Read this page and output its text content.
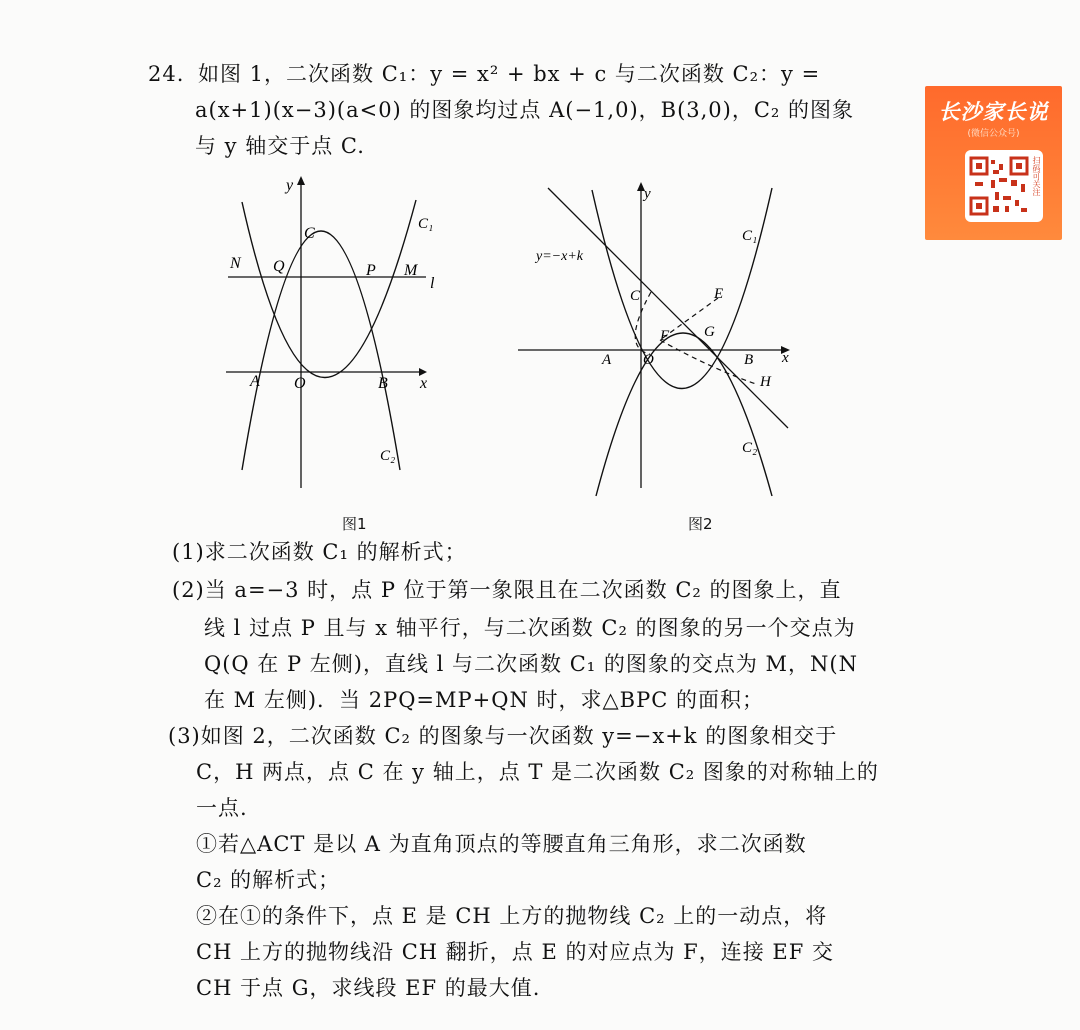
24. 如图 1，二次函数 C₁：y = x² + bx + c 与二次函数 C₂：y =
a(x+1)(x−3)(a<0) 的图象均过点 A(−1,0)，B(3,0)，C₂ 的图象
与 y 轴交于点 C.
长沙家长说
(微信公众号)
扫码可关注
y
C
C₁
N Q	P M
l
A O	B x
C₂
图1
y
y=−x+k
C₁
C	E
F G
A O	B x
H
C₂
图2
(1)求二次函数 C₁ 的解析式；
(2)当 a=−3 时，点 P 位于第一象限且在二次函数 C₂ 的图象上，直
线 l 过点 P 且与 x 轴平行，与二次函数 C₂ 的图象的另一个交点为
Q(Q 在 P 左侧)，直线 l 与二次函数 C₁ 的图象的交点为 M，N(N
在 M 左侧)．当 2PQ=MP+QN 时，求△BPC 的面积；
(3)如图 2，二次函数 C₂ 的图象与一次函数 y=−x+k 的图象相交于
C，H 两点，点 C 在 y 轴上，点 T 是二次函数 C₂ 图象的对称轴上的
一点.
①若△ACT 是以 A 为直角顶点的等腰直角三角形，求二次函数
C₂ 的解析式；
②在①的条件下，点 E 是 CH 上方的抛物线 C₂ 上的一动点，将
CH 上方的抛物线沿 CH 翻折，点 E 的对应点为 F，连接 EF 交
CH 于点 G，求线段 EF 的最大值.
